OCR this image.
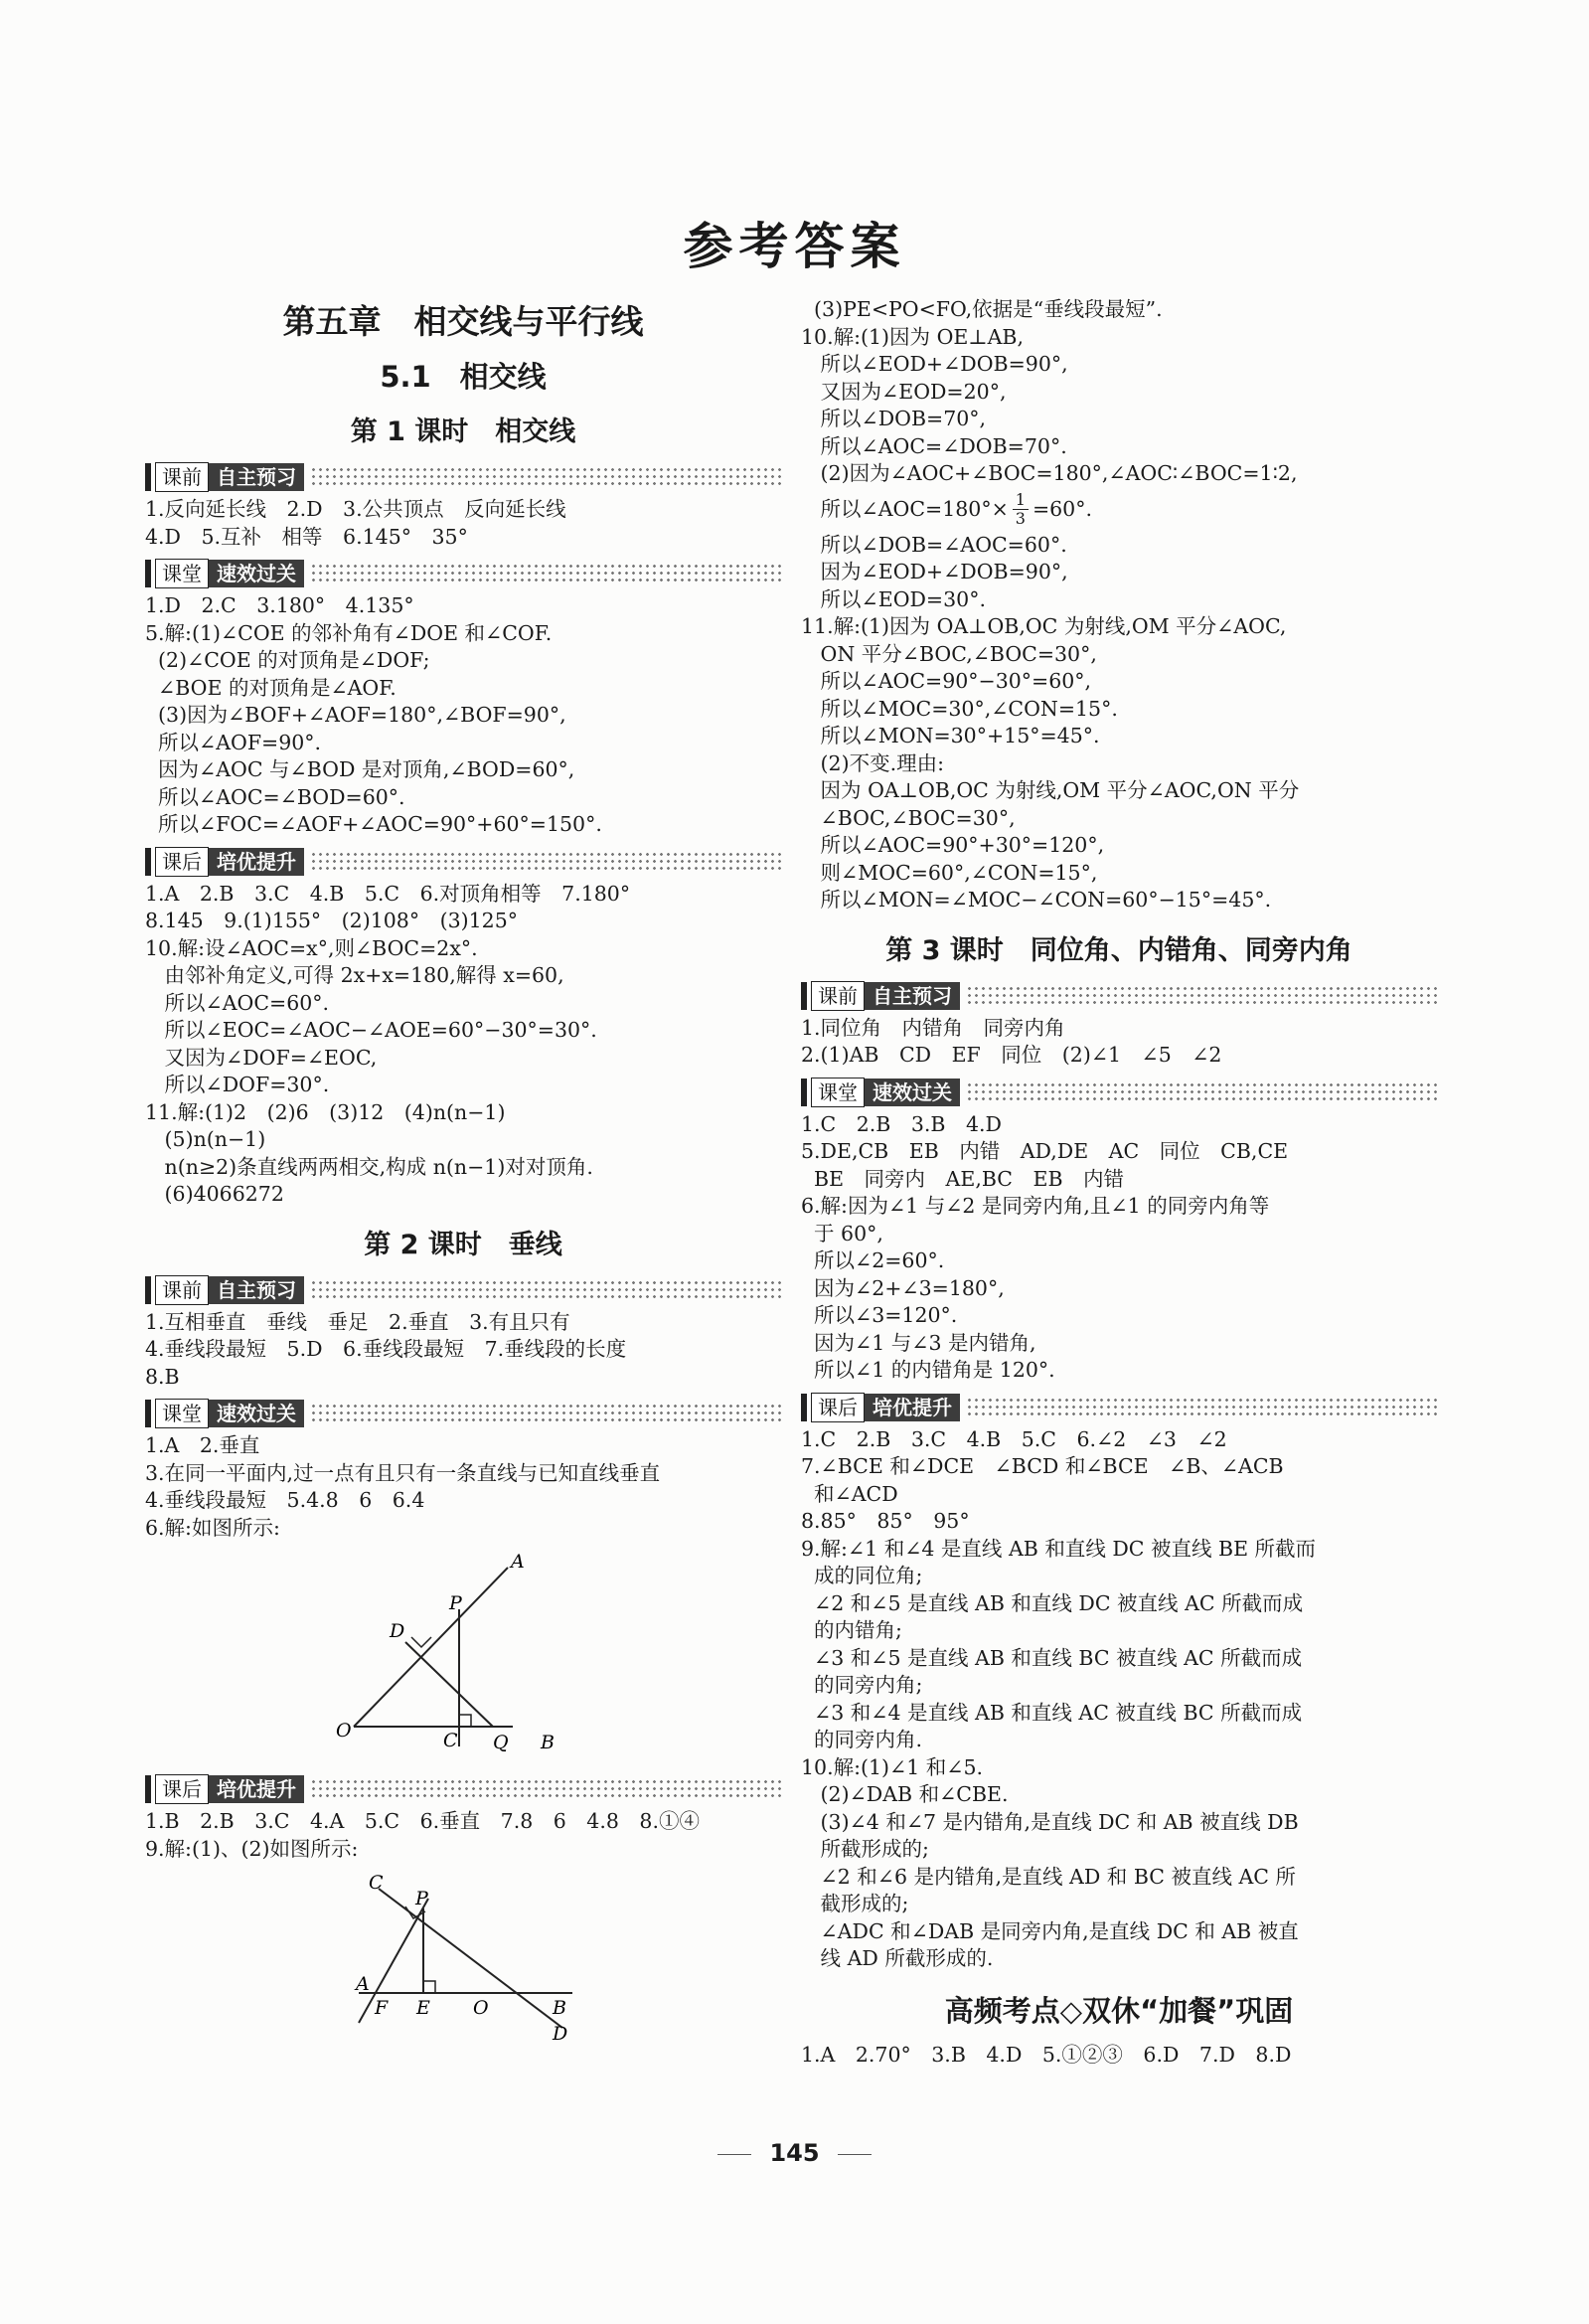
参考答案
第五章　相交线与平行线
5.1　相交线
第 1 课时　相交线
课前 自主预习
1.反向延长线　2.D　3.公共顶点　反向延长线
4.D　5.互补　相等　6.145°　35°
课堂 速效过关
1.D　2.C　3.180°　4.135°
5.解:(1)∠COE 的邻补角有∠DOE 和∠COF.
(2)∠COE 的对顶角是∠DOF;
∠BOE 的对顶角是∠AOF.
(3)因为∠BOF+∠AOF=180°,∠BOF=90°,
所以∠AOF=90°.
因为∠AOC 与∠BOD 是对顶角,∠BOD=60°,
所以∠AOC=∠BOD=60°.
所以∠FOC=∠AOF+∠AOC=90°+60°=150°.
课后 培优提升
1.A　2.B　3.C　4.B　5.C　6.对顶角相等　7.180°
8.145　9.(1)155°　(2)108°　(3)125°
10.解:设∠AOC=x°,则∠BOC=2x°.
由邻补角定义,可得 2x+x=180,解得 x=60,
所以∠AOC=60°.
所以∠EOC=∠AOC−∠AOE=60°−30°=30°.
又因为∠DOF=∠EOC,
所以∠DOF=30°.
11.解:(1)2　(2)6　(3)12　(4)n(n−1)
(5)n(n−1)
n(n≥2)条直线两两相交,构成 n(n−1)对对顶角.
(6)4066272
第 2 课时　垂线
课前 自主预习
1.互相垂直　垂线　垂足　2.垂直　3.有且只有
4.垂线段最短　5.D　6.垂线段最短　7.垂线段的长度
8.B
课堂 速效过关
1.A　2.垂直
3.在同一平面内,过一点有且只有一条直线与已知直线垂直
4.垂线段最短　5.4.8　6　6.4
6.解:如图所示:
A
P
D
O	C Q B
课后 培优提升
1.B　2.B　3.C　4.A　5.C　6.垂直　7.8　6　4.8　8.①④
9.解:(1)、(2)如图所示:
C
P
A
F E O	B
D
(3)PE<PO<FO,依据是“垂线段最短”.
10.解:(1)因为 OE⊥AB,
所以∠EOD+∠DOB=90°,
又因为∠EOD=20°,
所以∠DOB=70°,
所以∠AOC=∠DOB=70°.
(2)因为∠AOC+∠BOC=180°,∠AOC∶∠BOC=1∶2,
所以∠AOC=180°× $\frac{1}{3} =60^\circ$.
所以∠DOB=∠AOC=60°.
因为∠EOD+∠DOB=90°,
所以∠EOD=30°.
11.解:(1)因为 OA⊥OB,OC 为射线,OM 平分∠AOC,
ON 平分∠BOC,∠BOC=30°,
所以∠AOC=90°−30°=60°,
所以∠MOC=30°,∠CON=15°.
所以∠MON=30°+15°=45°.
(2)不变.理由:
因为 OA⊥OB,OC 为射线,OM 平分∠AOC,ON 平分
∠BOC,∠BOC=30°,
所以∠AOC=90°+30°=120°,
则∠MOC=60°,∠CON=15°,
所以∠MON=∠MOC−∠CON=60°−15°=45°.
第 3 课时　同位角、内错角、同旁内角
课前 自主预习
1.同位角　内错角　同旁内角
2.(1)AB　CD　EF　同位　(2)∠1　∠5　∠2
课堂 速效过关
1.C　2.B　3.B　4.D
5.DE,CB　EB　内错　AD,DE　AC　同位　CB,CE
BE　同旁内　AE,BC　EB　内错
6.解:因为∠1 与∠2 是同旁内角,且∠1 的同旁内角等
于 60°,
所以∠2=60°.
因为∠2+∠3=180°,
所以∠3=120°.
因为∠1 与∠3 是内错角,
所以∠1 的内错角是 120°.
课后 培优提升
1.C　2.B　3.C　4.B　5.C　6.∠2　∠3　∠2
7.∠BCE 和∠DCE　∠BCD 和∠BCE　∠B、∠ACB
和∠ACD
8.85°　85°　95°
9.解:∠1 和∠4 是直线 AB 和直线 DC 被直线 BE 所截而
成的同位角;
∠2 和∠5 是直线 AB 和直线 DC 被直线 AC 所截而成
的内错角;
∠3 和∠5 是直线 AB 和直线 BC 被直线 AC 所截而成
的同旁内角;
∠3 和∠4 是直线 AB 和直线 AC 被直线 BC 所截而成
的同旁内角.
10.解:(1)∠1 和∠5.
(2)∠DAB 和∠CBE.
(3)∠4 和∠7 是内错角,是直线 DC 和 AB 被直线 DB
所截形成的;
∠2 和∠6 是内错角,是直线 AD 和 BC 被直线 AC 所
截形成的;
∠ADC 和∠DAB 是同旁内角,是直线 DC 和 AB 被直
线 AD 所截形成的.
高频考点◇双休“加餐”巩固
1.A　2.70°　3.B　4.D　5.①②③　6.D　7.D　8.D
145
